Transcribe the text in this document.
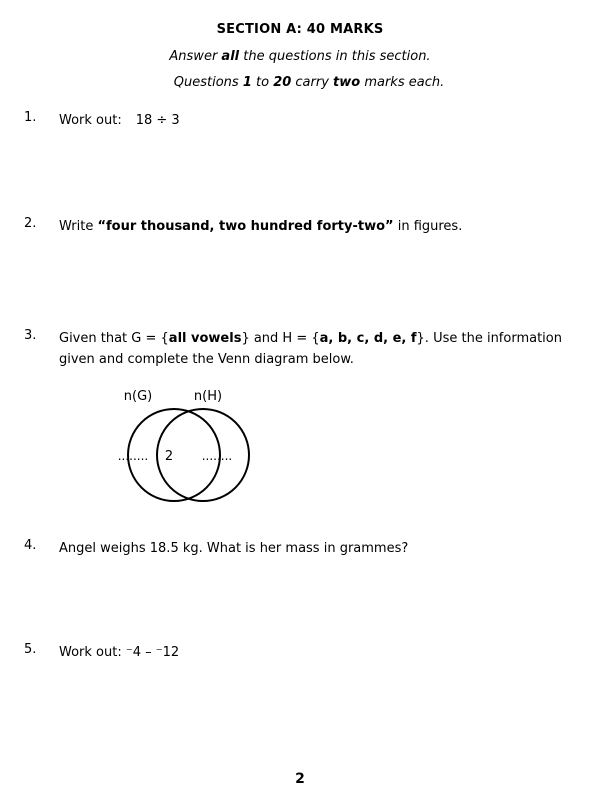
SECTION A: 40 MARKS
Answer all the questions in this section.
Questions 1 to 20 carry two marks each.
1. Work out: 18 ÷ 3
2. Write “four thousand, two hundred forty-two” in figures.
3. Given that G = {all vowels} and H = {a, b, c, d, e, f}. Use the information given and complete the Venn diagram below.
n(G)	n(H)
........ 2 ........
4. Angel weighs 18.5 kg. What is her mass in grammes?
5. Work out: ⁻4 – ⁻12
2
